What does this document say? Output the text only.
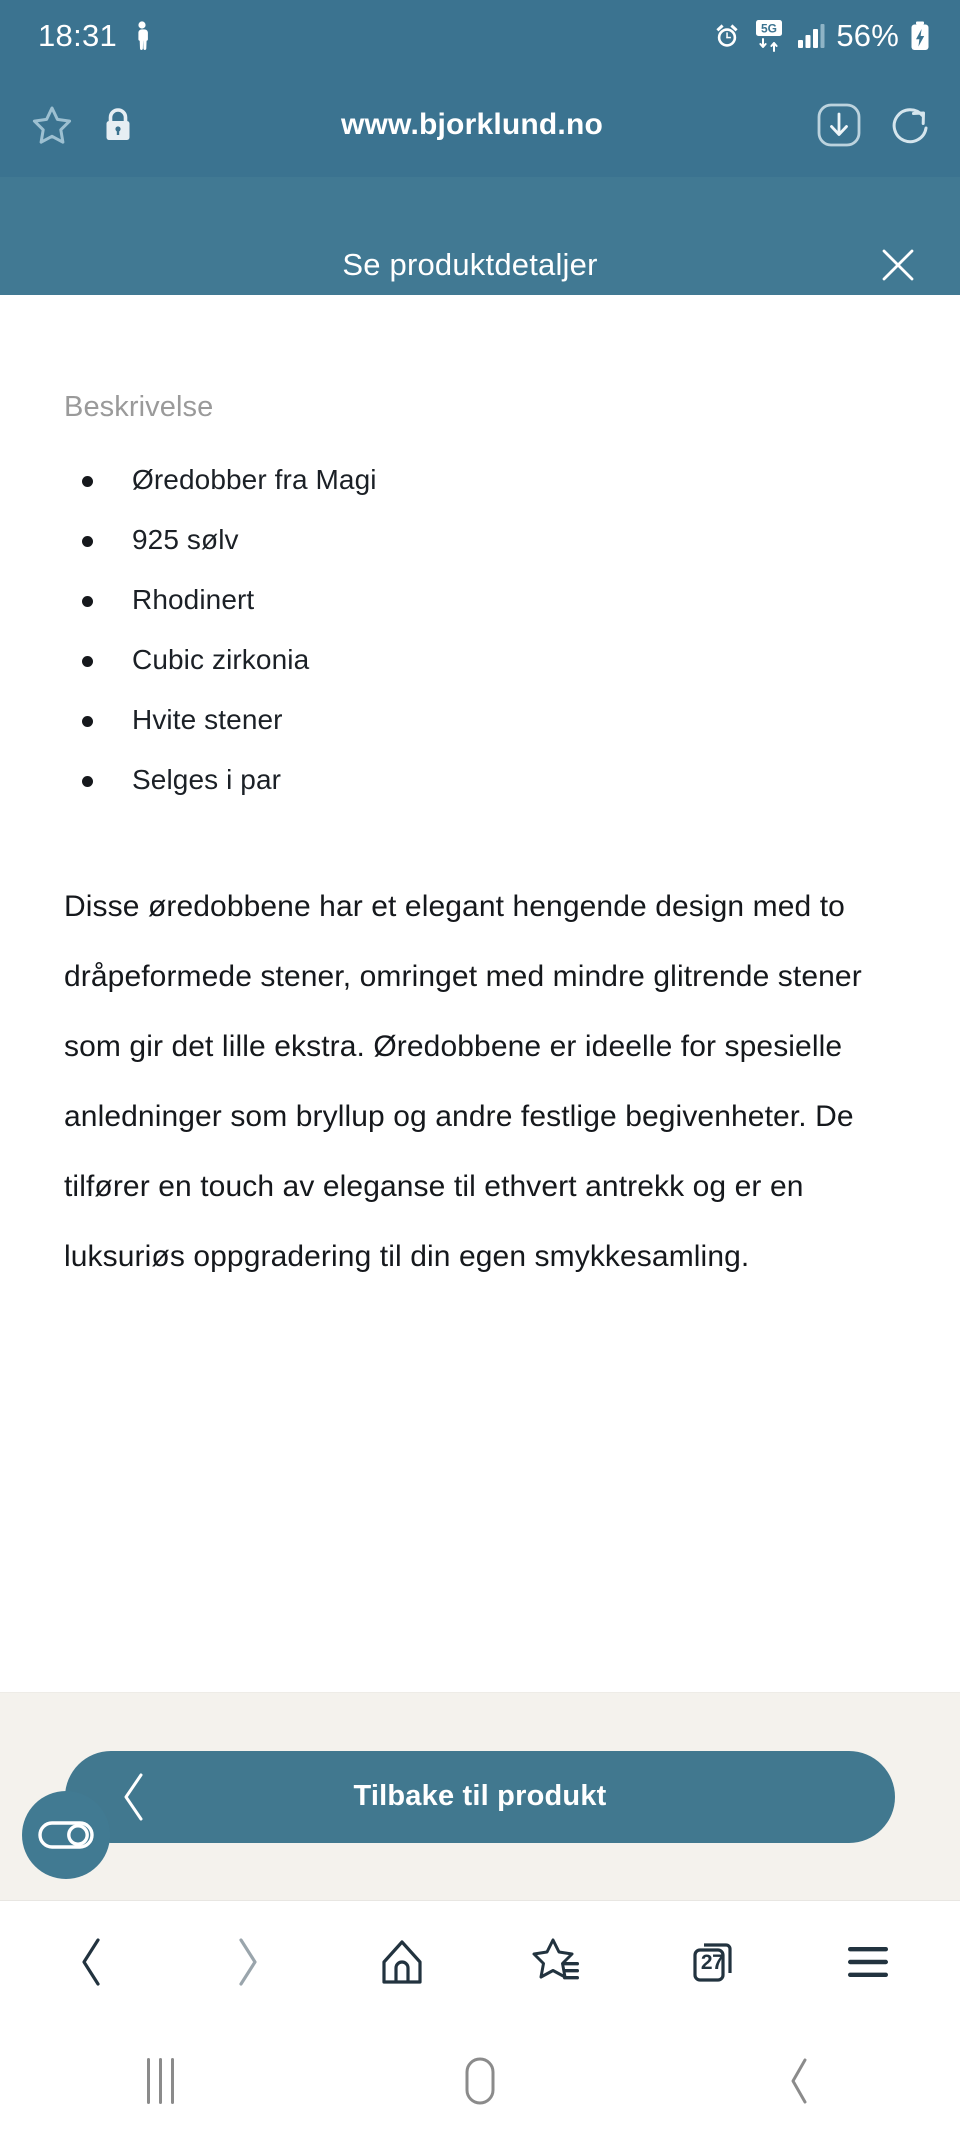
18:31	5G 56%
www.bjorklund.no
Se produktdetaljer
Beskrivelse
Øredobber fra Magi
925 sølv
Rhodinert
Cubic zirkonia
Hvite stener
Selges i par

Disse øredobbene har et elegant hengende design med to dråpeformede stener, omringet med mindre glitrende stener som gir det lille ekstra. Øredobbene er ideelle for spesielle anledninger som bryllup og andre festlige begivenheter. De tilfører en touch av eleganse til ethvert antrekk og er en luksuriøs oppgradering til din egen smykkesamling.

Tilbake til produkt
27
